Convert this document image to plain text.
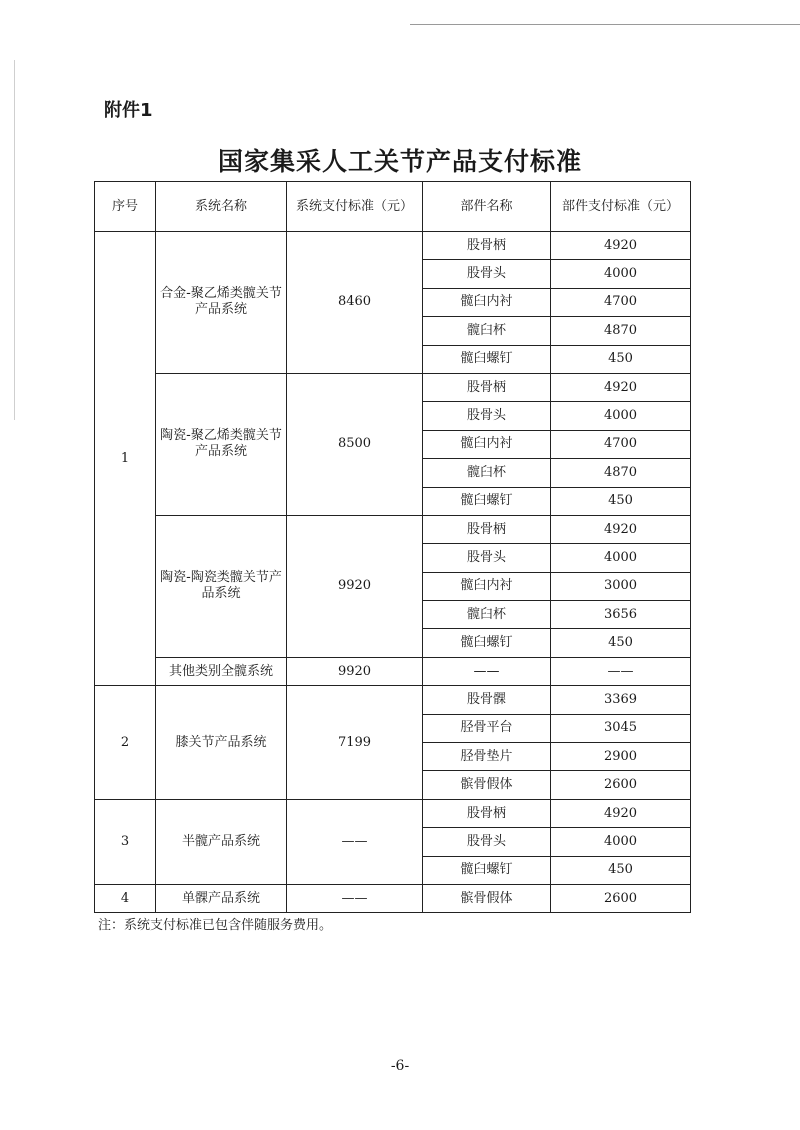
附件1
国家集采人工关节产品支付标准
序号	系统名称	系统支付标准（元）	部件名称	部件支付标准（元）
1	合金-聚乙烯类髋关节产品系统	8460	股骨柄	4920
			股骨头	4000
			髋臼内衬	4700
			髋臼杯	4870
			髋臼螺钉	450
	陶瓷-聚乙烯类髋关节产品系统	8500	股骨柄	4920
			股骨头	4000
			髋臼内衬	4700
			髋臼杯	4870
			髋臼螺钉	450
	陶瓷-陶瓷类髋关节产品系统	9920	股骨柄	4920
			股骨头	4000
			髋臼内衬	3000
			髋臼杯	3656
			髋臼螺钉	450
	其他类别全髋系统	9920	——	——
2	膝关节产品系统	7199	股骨髁	3369
			胫骨平台	3045
			胫骨垫片	2900
			髌骨假体	2600
3	半髋产品系统	——	股骨柄	4920
			股骨头	4000
			髋臼螺钉	450
4	单髁产品系统	——	髌骨假体	2600
注：系统支付标准已包含伴随服务费用。
-6-
